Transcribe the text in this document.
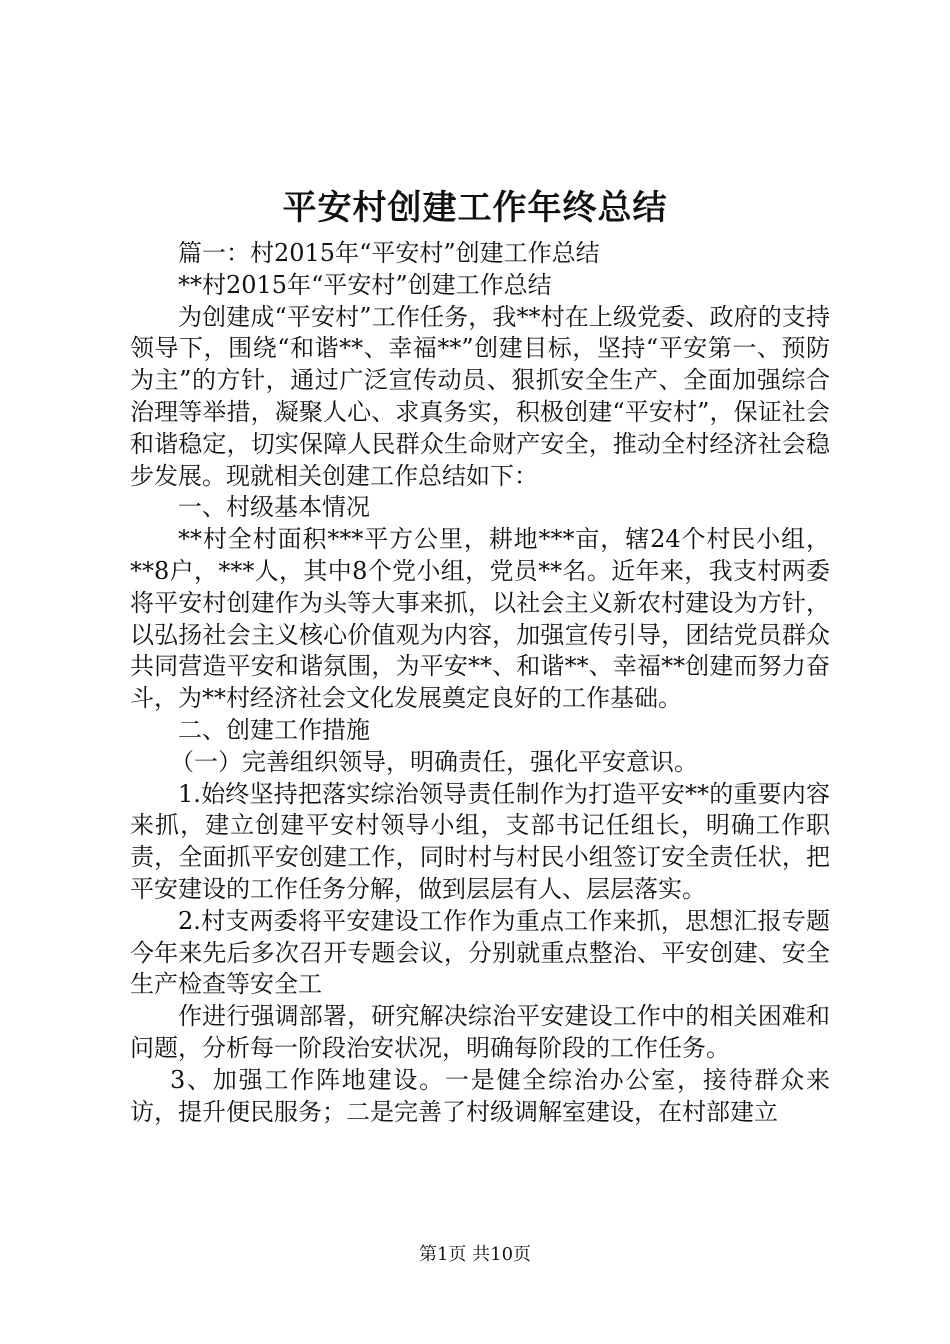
平安村创建工作年终总结

篇一：村2015年“平安村”创建工作总结

**村2015年“平安村”创建工作总结

为创建成“平安村”工作任务，我**村在上级党委、政府的支持领导下，围绕“和谐**、幸福**”创建目标，坚持“平安第一、预防为主”的方针，通过广泛宣传动员、狠抓安全生产、全面加强综合治理等举措，凝聚人心、求真务实，积极创建“平安村”，保证社会和谐稳定，切实保障人民群众生命财产安全，推动全村经济社会稳步发展。现就相关创建工作总结如下：

一、村级基本情况

**村全村面积***平方公里，耕地***亩，辖24个村民小组，**8户，***人，其中8个党小组，党员**名。近年来，我支村两委将平安村创建作为头等大事来抓，以社会主义新农村建设为方针，以弘扬社会主义核心价值观为内容，加强宣传引导，团结党员群众共同营造平安和谐氛围，为平安**、和谐**、幸福**创建而努力奋斗，为**村经济社会文化发展奠定良好的工作基础。

二、创建工作措施

（一）完善组织领导，明确责任，强化平安意识。

1.始终坚持把落实综治领导责任制作为打造平安**的重要内容来抓，建立创建平安村领导小组，支部书记任组长，明确工作职责，全面抓平安创建工作，同时村与村民小组签订安全责任状，把平安建设的工作任务分解，做到层层有人、层层落实。

2.村支两委将平安建设工作作为重点工作来抓，思想汇报专题今年来先后多次召开专题会议，分别就重点整治、平安创建、安全生产检查等安全工

作进行强调部署，研究解决综治平安建设工作中的相关困难和问题，分析每一阶段治安状况，明确每阶段的工作任务。

3、加强工作阵地建设。一是健全综治办公室，接待群众来访，提升便民服务；二是完善了村级调解室建设，在村部建立

第1页 共10页
